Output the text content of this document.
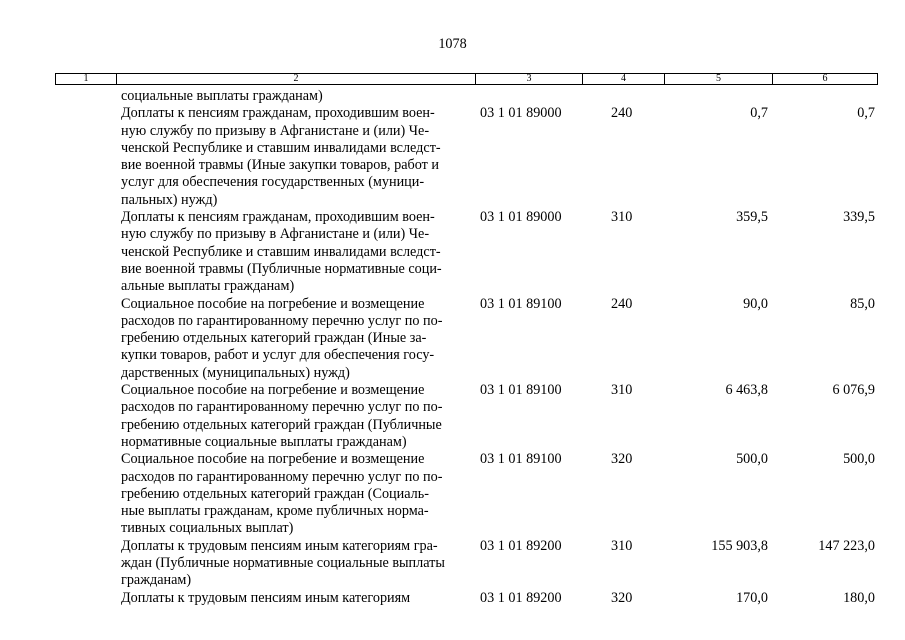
1078
1	2	3	4	5	6
социальные выплаты гражданам)
Доплаты к пенсиям гражданам, проходившим воен-
ную службу по призыву в Афганистане и (или) Че-
ченской Республике и ставшим инвалидами вследст-
вие военной травмы (Иные закупки товаров, работ и
услуг для обеспечения государственных (муници-
пальных) нужд)
03 1 01 89000	240	0,7	0,7
Доплаты к пенсиям гражданам, проходившим воен-
ную службу по призыву в Афганистане и (или) Че-
ченской Республике и ставшим инвалидами вследст-
вие военной травмы (Публичные нормативные соци-
альные выплаты гражданам)
03 1 01 89000	310	359,5	339,5
Социальное пособие на погребение и возмещение
расходов по гарантированному перечню услуг по по-
гребению отдельных категорий граждан (Иные за-
купки товаров, работ и услуг для обеспечения госу-
дарственных (муниципальных) нужд)
03 1 01 89100	240	90,0	85,0
Социальное пособие на погребение и возмещение
расходов по гарантированному перечню услуг по по-
гребению отдельных категорий граждан (Публичные
нормативные социальные выплаты гражданам)
03 1 01 89100	310	6 463,8	6 076,9
Социальное пособие на погребение и возмещение
расходов по гарантированному перечню услуг по по-
гребению отдельных категорий граждан (Социаль-
ные выплаты гражданам, кроме публичных норма-
тивных социальных выплат)
03 1 01 89100	320	500,0	500,0
Доплаты к трудовым пенсиям иным категориям гра-
ждан (Публичные нормативные социальные выплаты
гражданам)
03 1 01 89200	310	155 903,8	147 223,0
Доплаты к трудовым пенсиям иным категориям	03 1 01 89200	320	170,0	180,0
